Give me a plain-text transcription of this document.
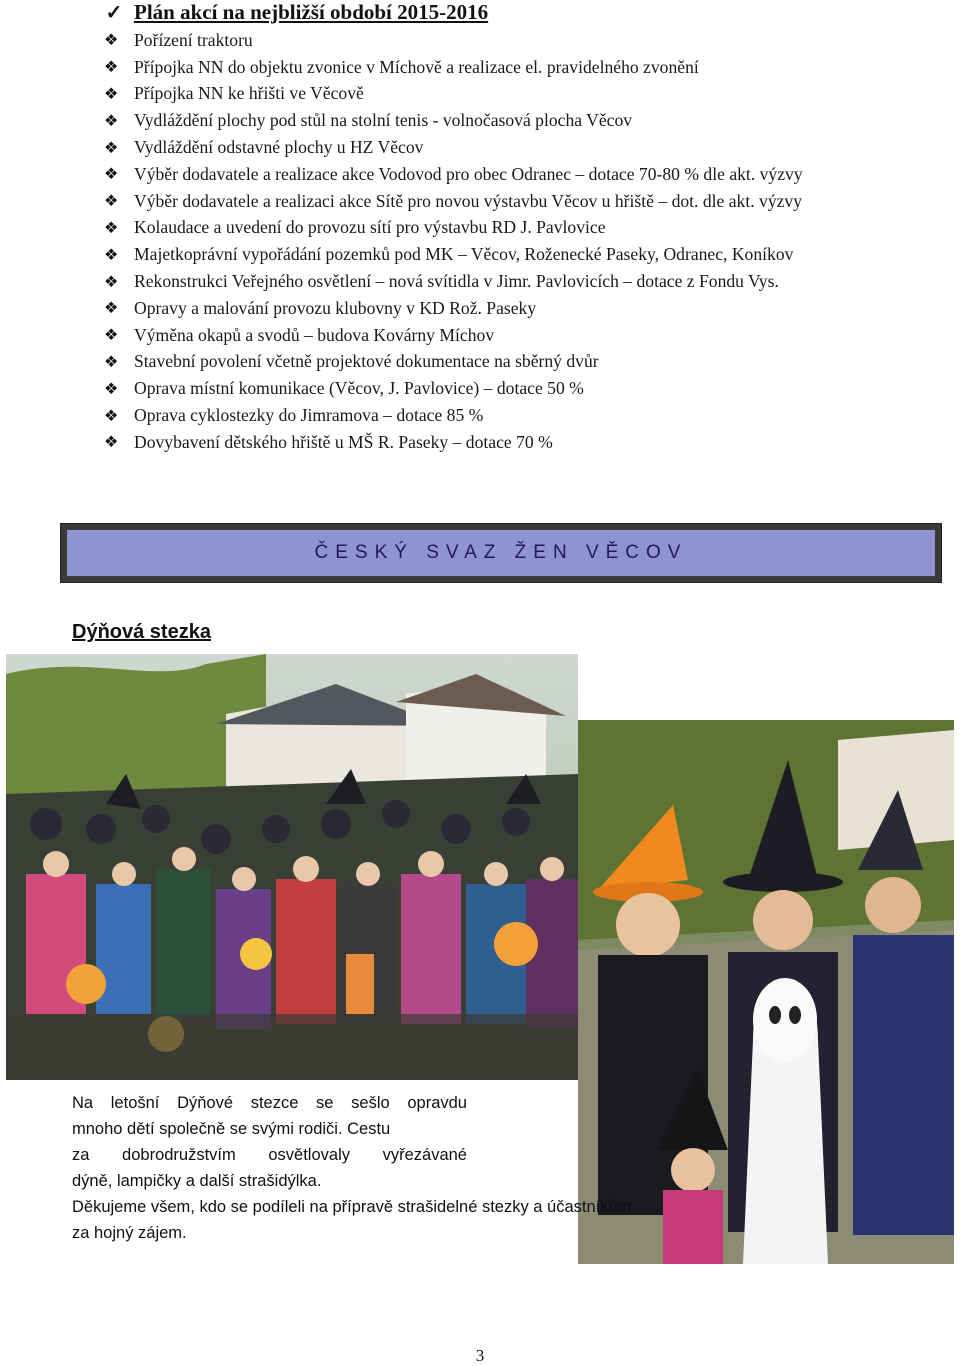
✓ Plán akcí na nejbližší období 2015-2016
❖ Pořízení traktoru
❖ Přípojka NN do objektu zvonice v Míchově a realizace el. pravidelného zvonění
❖ Přípojka NN ke hřišti ve Věcově
❖ Vydláždění plochy pod stůl na stolní tenis - volnočasová plocha Věcov
❖ Vydláždění odstavné plochy u HZ Věcov
❖ Výběr dodavatele a realizace akce Vodovod pro obec Odranec – dotace 70-80 % dle akt. výzvy
❖ Výběr dodavatele a realizaci akce Sítě pro novou výstavbu Věcov u hřiště – dot. dle akt. výzvy
❖ Kolaudace a uvedení do provozu sítí pro výstavbu RD J. Pavlovice
❖ Majetkoprávní vypořádání pozemků pod MK – Věcov, Roženecké Paseky, Odranec, Koníkov
❖ Rekonstrukci Veřejného osvětlení – nová svítidla v Jimr. Pavlovicích – dotace z Fondu Vys.
❖ Opravy a malování provozu klubovny v KD Rož. Paseky
❖ Výměna okapů a svodů – budova Kovárny Míchov
❖ Stavební povolení včetně projektové dokumentace na sběrný dvůr
❖ Oprava místní komunikace (Věcov, J. Pavlovice) – dotace 50 %
❖ Oprava cyklostezky do Jimramova – dotace 85 %
❖ Dovybavení dětského hřiště u MŠ R. Paseky – dotace 70 %
ČESKÝ SVAZ ŽEN VĚCOV
Dýňová stezka
Na letošní Dýňové stezce se sešlo opravdu
mnoho dětí společně se svými rodiči. Cestu
za dobrodružstvím osvětlovaly vyřezávané
dýně, lampičky a další strašidýlka.
Děkujeme všem, kdo se podíleli na přípravě strašidelné stezky a účastníkům
za hojný zájem.
3
